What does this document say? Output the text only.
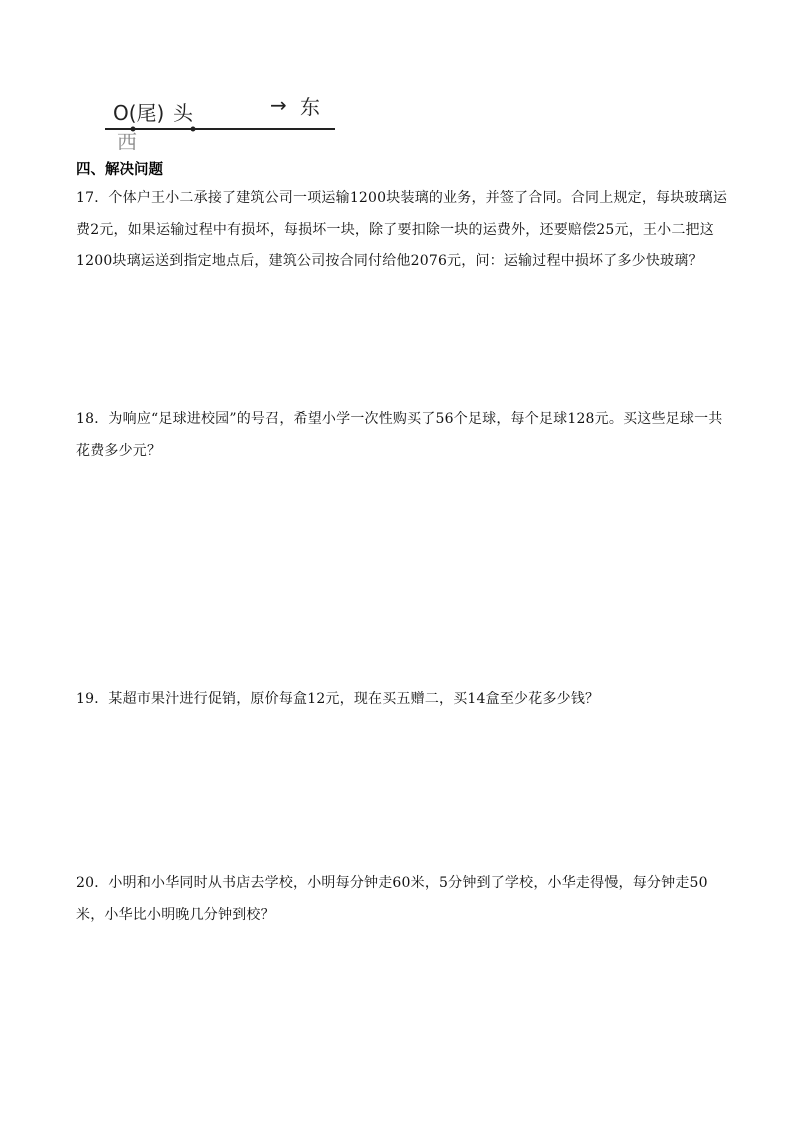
O(尾) 头	→ 东
西
四、解决问题

17．个体户王小二承接了建筑公司一项运输1200块装璃的业务，并签了合同。合同上规定，每块玻璃运费2元，如果运输过程中有损坏，每损坏一块，除了要扣除一块的运费外，还要赔偿25元，王小二把这1200块璃运送到指定地点后，建筑公司按合同付给他2076元，问：运输过程中损坏了多少快玻璃？

18．为响应“足球进校园”的号召，希望小学一次性购买了56个足球，每个足球128元。买这些足球一共花费多少元？

19．某超市果汁进行促销，原价每盒12元，现在买五赠二，买14盒至少花多少钱？

20．小明和小华同时从书店去学校，小明每分钟走60米，5分钟到了学校，小华走得慢，每分钟走50米，小华比小明晚几分钟到校？
